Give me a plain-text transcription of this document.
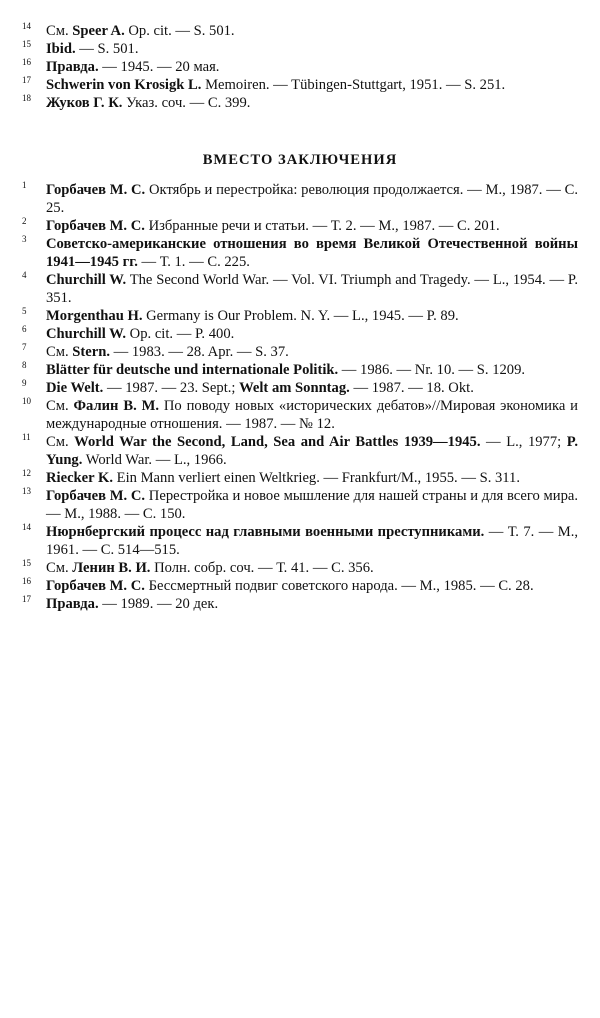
14	См. Speer A. Op. cit. — S. 501.
15	Ibid. — S. 501.
16	Правда. — 1945. — 20 мая.
17	Schwerin von Krosigk L. Memoiren. — Tübingen-Stuttgart, 1951. — S. 251.
18	Жуков Г. К. Указ. соч. — С. 399.
ВМЕСТО ЗАКЛЮЧЕНИЯ
1	Горбачев М. С. Октябрь и перестройка: революция продолжается. — М., 1987. — С. 25.
2	Горбачев М. С. Избранные речи и статьи. — Т. 2. — М., 1987. — С. 201.
3	Советско-американские отношения во время Великой Отечественной войны 1941—1945 гг. — Т. 1. — С. 225.
4	Churchill W. The Second World War. — Vol. VI. Triumph and Tragedy. — L., 1954. — P. 351.
5	Morgenthau H. Germany is Our Problem. N. Y. — L., 1945. — P. 89.
6	Churchill W. Op. cit. — P. 400.
7	См. Stern. — 1983. — 28. Apr. — S. 37.
8	Blätter für deutsche und internationale Politik. — 1986. — Nr. 10. — S. 1209.
9	Die Welt. — 1987. — 23. Sept.; Welt am Sonntag. — 1987. — 18. Okt.
10	См. Фалин В. М. По поводу новых «исторических дебатов»//Мировая экономика и международные отношения. — 1987. — № 12.
11	См. World War the Second, Land, Sea and Air Battles 1939—1945. — L., 1977; P. Yung. World War. — L., 1966.
12	Riecker K. Ein Mann verliert einen Weltkrieg. — Frankfurt/M., 1955. — S. 311.
13	Горбачев М. С. Перестройка и новое мышление для нашей страны и для всего мира. — М., 1988. — С. 150.
14	Нюрнбергский процесс над главными военными преступниками. — Т. 7. — М., 1961. — С. 514—515.
15	См. Ленин В. И. Полн. собр. соч. — Т. 41. — С. 356.
16	Горбачев М. С. Бессмертный подвиг советского народа. — М., 1985. — С. 28.
17	Правда. — 1989. — 20 дек.
